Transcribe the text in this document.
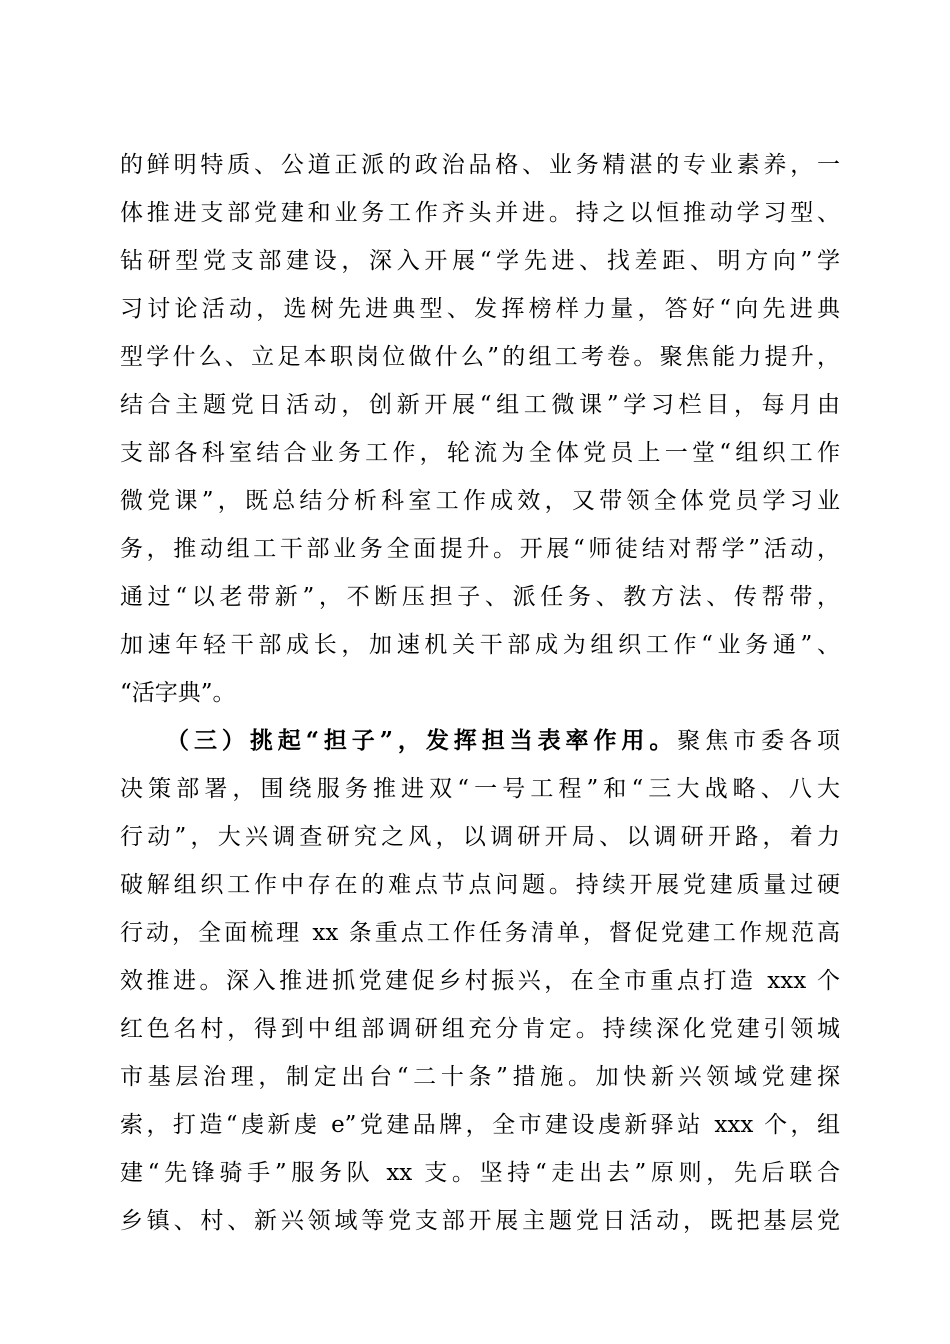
的鲜明特质、公道正派的政治品格、业务精湛的专业素养，一
体推进支部党建和业务工作齐头并进。持之以恒推动学习型、
钻研型党支部建设，深入开展“学先进、找差距、明方向”学
习讨论活动，选树先进典型、发挥榜样力量，答好“向先进典
型学什么、立足本职岗位做什么”的组工考卷。聚焦能力提升，
结合主题党日活动，创新开展“组工微课”学习栏目，每月由
支部各科室结合业务工作，轮流为全体党员上一堂“组织工作
微党课”，既总结分析科室工作成效，又带领全体党员学习业
务，推动组工干部业务全面提升。开展“师徒结对帮学”活动，
通过“以老带新”，不断压担子、派任务、教方法、传帮带，
加速年轻干部成长，加速机关干部成为组织工作“业务通”、
“活字典”。
（三）挑起“担子”，发挥担当表率作用。聚焦市委各项
决策部署，围绕服务推进双“一号工程”和“三大战略、八大
行动”，大兴调查研究之风，以调研开局、以调研开路，着力
破解组织工作中存在的难点节点问题。持续开展党建质量过硬
行动，全面梳理 xx 条重点工作任务清单，督促党建工作规范高
效推进。深入推进抓党建促乡村振兴，在全市重点打造 xxx 个
红色名村，得到中组部调研组充分肯定。持续深化党建引领城
市基层治理，制定出台“二十条”措施。加快新兴领域党建探
索，打造“虔新虔 e”党建品牌，全市建设虔新驿站 xxx 个，组
建“先锋骑手”服务队 xx 支。坚持“走出去”原则，先后联合
乡镇、村、新兴领域等党支部开展主题党日活动，既把基层党
